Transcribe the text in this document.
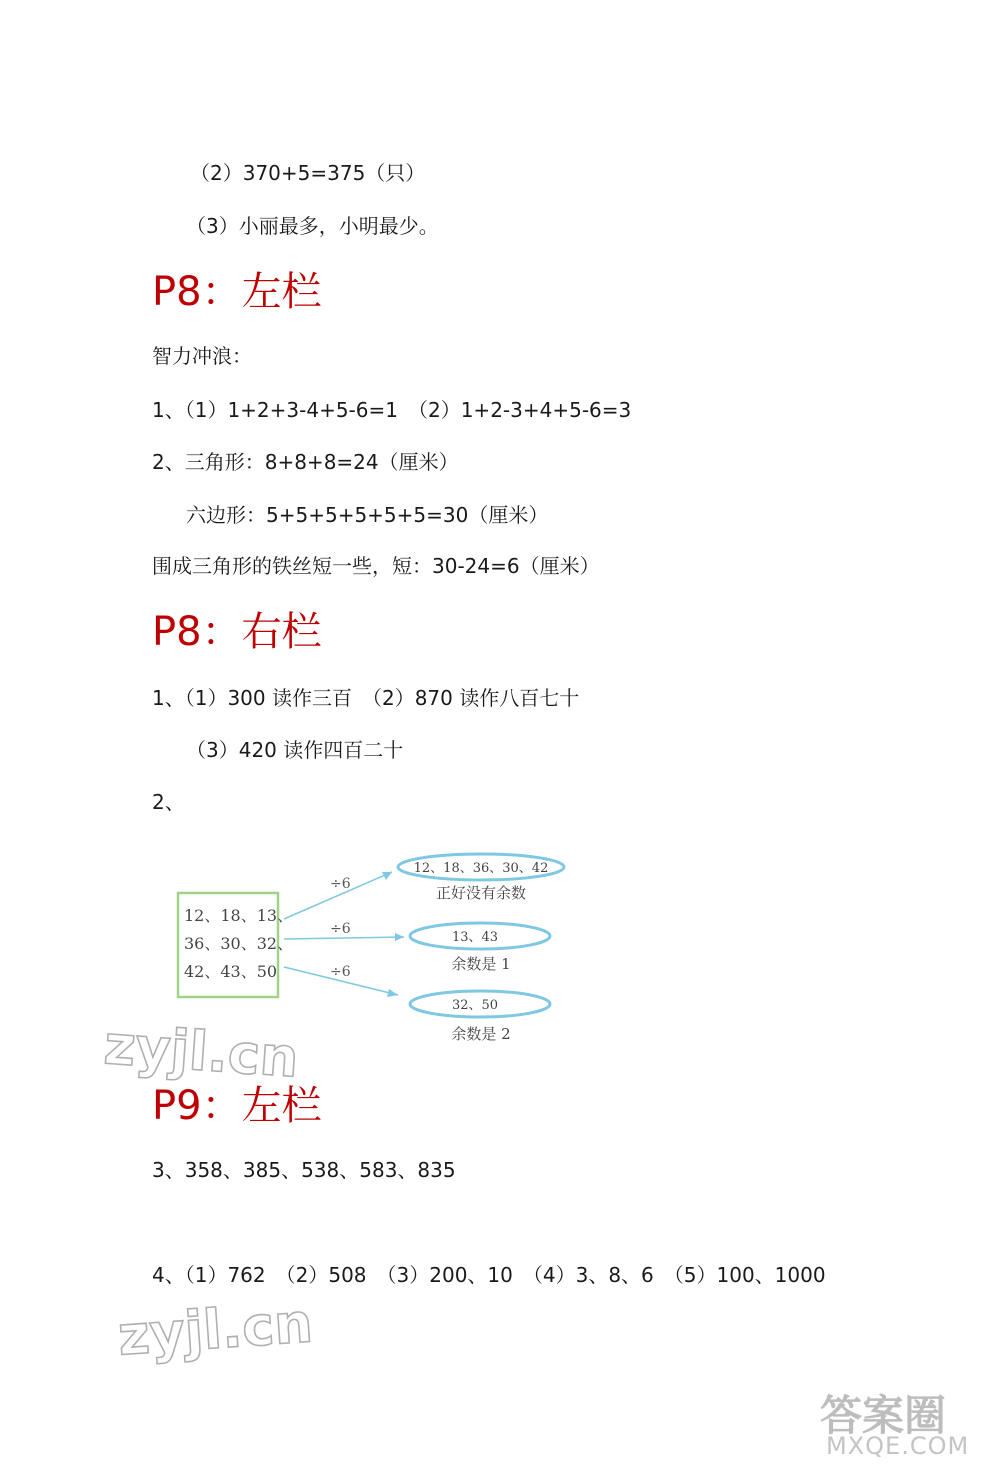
（2）370+5=375（只）
（3）小丽最多，小明最少。
P8：左栏
智力冲浪：
1、（1）1+2+3-4+5-6=1　（2）1+2-3+4+5-6=3
2、三角形：8+8+8=24（厘米）
六边形：5+5+5+5+5+5=30（厘米）
围成三角形的铁丝短一些，短：30-24=6（厘米）
P8：右栏
1、（1）300 读作三百　（2）870 读作八百七十
（3）420 读作四百二十
2、
12、18、13、
36、30、32、
42、43、50
÷6
÷6
÷6
12、18、36、30、42
正好没有余数
13、43
余数是 1
32、50
余数是 2
zyjl.cn
P9：左栏
3、358、385、538、583、835
4、（1）762　（2）508　（3）200、10　（4）3、8、6　（5）100、1000
zyjl.cn
答案圈
MXQE.COM
